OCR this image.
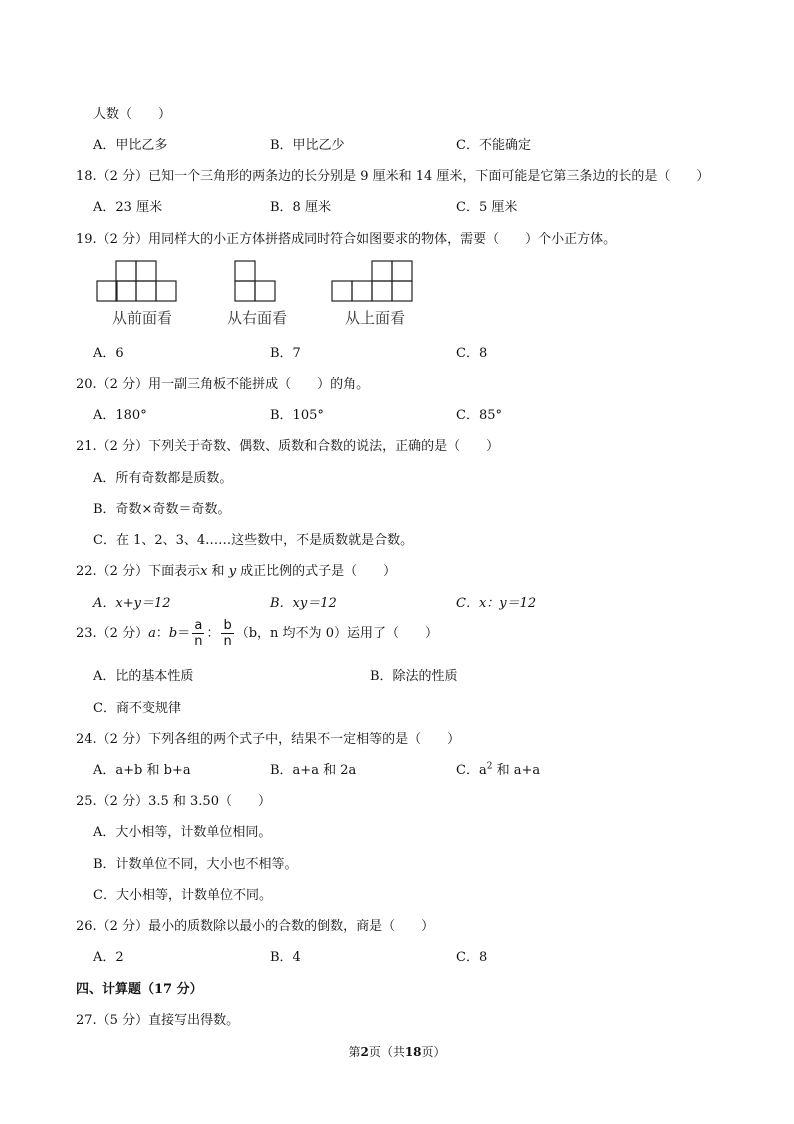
人数（　　）
A．甲比乙多	B．甲比乙少	C．不能确定
18.（2 分）已知一个三角形的两条边的长分别是 9 厘米和 14 厘米，下面可能是它第三条边的长的是（　　）
A．23 厘米	B．8 厘米	C．5 厘米
19.（2 分）用同样大的小正方体拼搭成同时符合如图要求的物体，需要（　　）个小正方体。
从前面看	从右面看	从上面看
A．6	B．7	C．8
20.（2 分）用一副三角板不能拼成（　　）的角。
A．180°	B．105°	C．85°
21.（2 分）下列关于奇数、偶数、质数和合数的说法，正确的是（　　）
A．所有奇数都是质数。
B．奇数×奇数＝奇数。
C．在 1、2、3、4……这些数中，不是质数就是合数。
22.（2 分）下面表示x 和 y 成正比例的式子是（　　）
A．x+y＝12	B．xy＝12	C．x：y＝12
23.（2 分）a：$b= \frac{a}{n}$ ： $\frac{b}{n} (b$，n 均不为 0）运用了（　　）
A．比的基本性质	B．除法的性质
C．商不变规律
24.（2 分）下列各组的两个式子中，结果不一定相等的是（　　）
A．a+b 和 b+a	B．a+a 和 2a	C．$a^2$ 和 a+a
25.（2 分）3.5 和 3.50（　　）
A．大小相等，计数单位相同。
B．计数单位不同，大小也不相等。
C．大小相等，计数单位不同。
26.（2 分）最小的质数除以最小的合数的倒数，商是（　　）
A．2	B．4	C．8
四、计算题（17 分）
27.（5 分）直接写出得数。
第2页（共18页）
